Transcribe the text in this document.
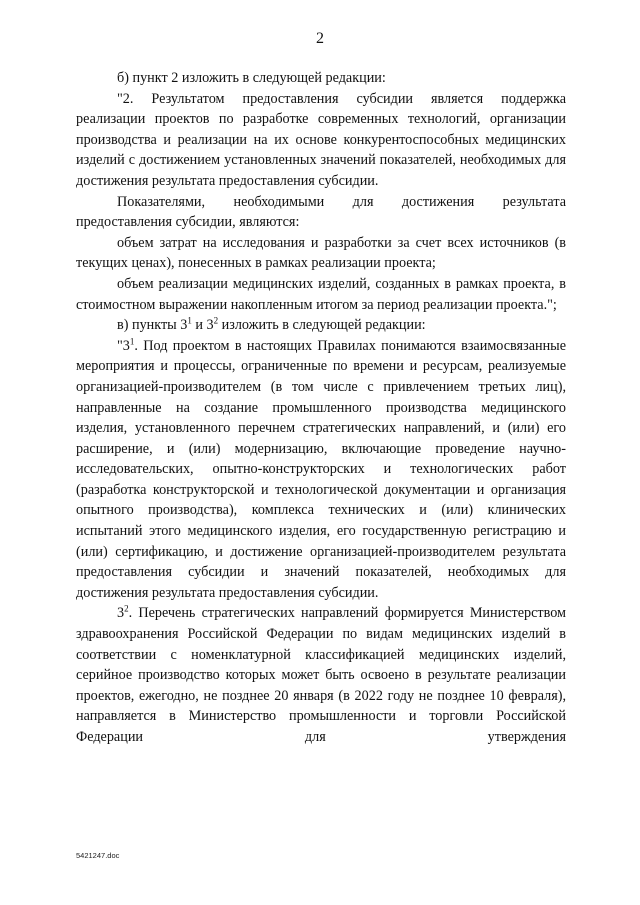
2

б) пункт 2 изложить в следующей редакции:

"2. Результатом предоставления субсидии является поддержка реализации проектов по разработке современных технологий, организации производства и реализации на их основе конкурентоспособных медицинских изделий с достижением установленных значений показателей, необходимых для достижения результата предоставления субсидии.

Показателями, необходимыми для достижения результата предоставления субсидии, являются:

объем затрат на исследования и разработки за счет всех источников (в текущих ценах), понесенных в рамках реализации проекта;

объем реализации медицинских изделий, созданных в рамках проекта, в стоимостном выражении накопленным итогом за период реализации проекта.";

в) пункты $3^1$ и $3^2$ изложить в следующей редакции:

"$3^1$. Под проектом в настоящих Правилах понимаются взаимосвязанные мероприятия и процессы, ограниченные по времени и ресурсам, реализуемые организацией-производителем (в том числе с привлечением третьих лиц), направленные на создание промышленного производства медицинского изделия, установленного перечнем стратегических направлений, и (или) его расширение, и (или) модернизацию, включающие проведение научно-исследовательских, опытно-конструкторских и технологических работ (разработка конструкторской и технологической документации и организация опытного производства), комплекса технических и (или) клинических испытаний этого медицинского изделия, его государственную регистрацию и (или) сертификацию, и достижение организацией-производителем результата предоставления субсидии и значений показателей, необходимых для достижения результата предоставления субсидии.

$3^2$. Перечень стратегических направлений формируется Министерством здравоохранения Российской Федерации по видам медицинских изделий в соответствии с номенклатурной классификацией медицинских изделий, серийное производство которых может быть освоено в результате реализации проектов, ежегодно, не позднее 20 января (в 2022 году не позднее 10 февраля), направляется в Министерство промышленности и торговли Российской Федерации для утверждения

5421247.doc
